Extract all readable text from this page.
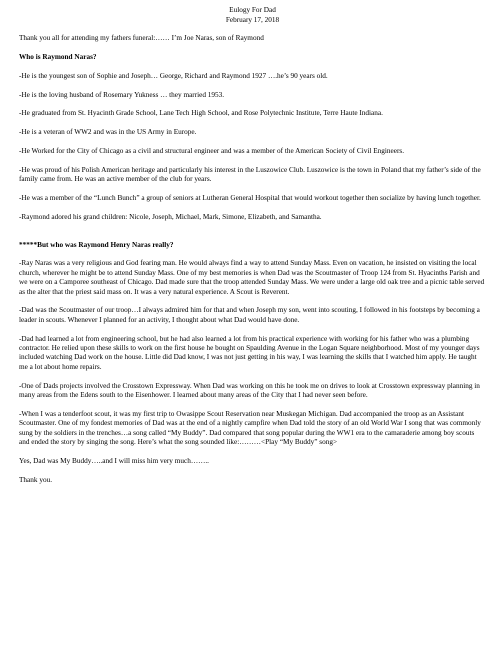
Eulogy For Dad
February 17, 2018

Thank you all for attending my fathers funeral:…… I’m Joe Naras, son of Raymond

Who is Raymond Naras?

-He is the youngest son of Sophie and Joseph… George, Richard and Raymond 1927 ….he’s 90 years old.

-He is the loving husband of Rosemary Yukness … they married 1953.

-He graduated from St. Hyacinth Grade School, Lane Tech High School, and Rose Polytechnic Institute, Terre Haute Indiana.

-He is a veteran of WW2 and was in the US Army in Europe.

-He Worked for the City of Chicago as a civil and structural engineer and was a member of the American Society of Civil Engineers.

-He was proud of his Polish American heritage and particularly his interest in the Luszowice Club. Luszowice is the town in Poland that my father’s side of the family came from. He was an active member of the club for years.

-He was a member of the “Lunch Bunch” a group of seniors at Lutheran General Hospital that would workout together then socialize by having lunch together.

-Raymond adored his grand children: Nicole, Joseph, Michael, Mark, Simone, Elizabeth, and Samantha.

*****But who was Raymond Henry Naras really?

-Ray Naras was a very religious and God fearing man. He would always find a way to attend Sunday Mass. Even on vacation, he insisted on visiting the local church, wherever he might be to attend Sunday Mass. One of my best memories is when Dad was the Scoutmaster of Troop 124 from St. Hyacinths Parish and we were on a Camporee southeast of Chicago. Dad made sure that the troop attended Sunday Mass. We were under a large old oak tree and a picnic table served as the alter that the priest said mass on. It was a very natural experience. A Scout is Reverent.

-Dad was the Scoutmaster of our troop…I always admired him for that and when Joseph my son, went into scouting, I followed in his footsteps by becoming a leader in scouts. Whenever I planned for an activity, I thought about what Dad would have done.

-Dad had learned a lot from engineering school, but he had also learned a lot from his practical experience with working for his father who was a plumbing contractor. He relied upon these skills to work on the first house he bought on Spaulding Avenue in the Logan Square neighborhood. Most of my younger days included watching Dad work on the house. Little did Dad know, I was not just getting in his way, I was learning the skills that I watched him apply. He taught me a lot about home repairs.

-One of Dads projects involved the Crosstown Expressway. When Dad was working on this he took me on drives to look at Crosstown expressway planning in many areas from the Edens south to the Eisenhower. I learned about many areas of the City that I had never seen before.

-When I was a tenderfoot scout, it was my first trip to Owasippe Scout Reservation near Muskegan Michigan. Dad accompanied the troop as an Assistant Scoutmaster. One of my fondest memories of Dad was at the end of a nightly campfire when Dad told the story of an old World War I song that was commonly sung by the soldiers in the trenches…a song called “My Buddy”. Dad compared that song popular during the WW1 era to the camaraderie among boy scouts and ended the story by singing the song. Here’s what the song sounded like:………<Play “My Buddy” song>

Yes, Dad was My Buddy…..and I will miss him very much……..

Thank you.
